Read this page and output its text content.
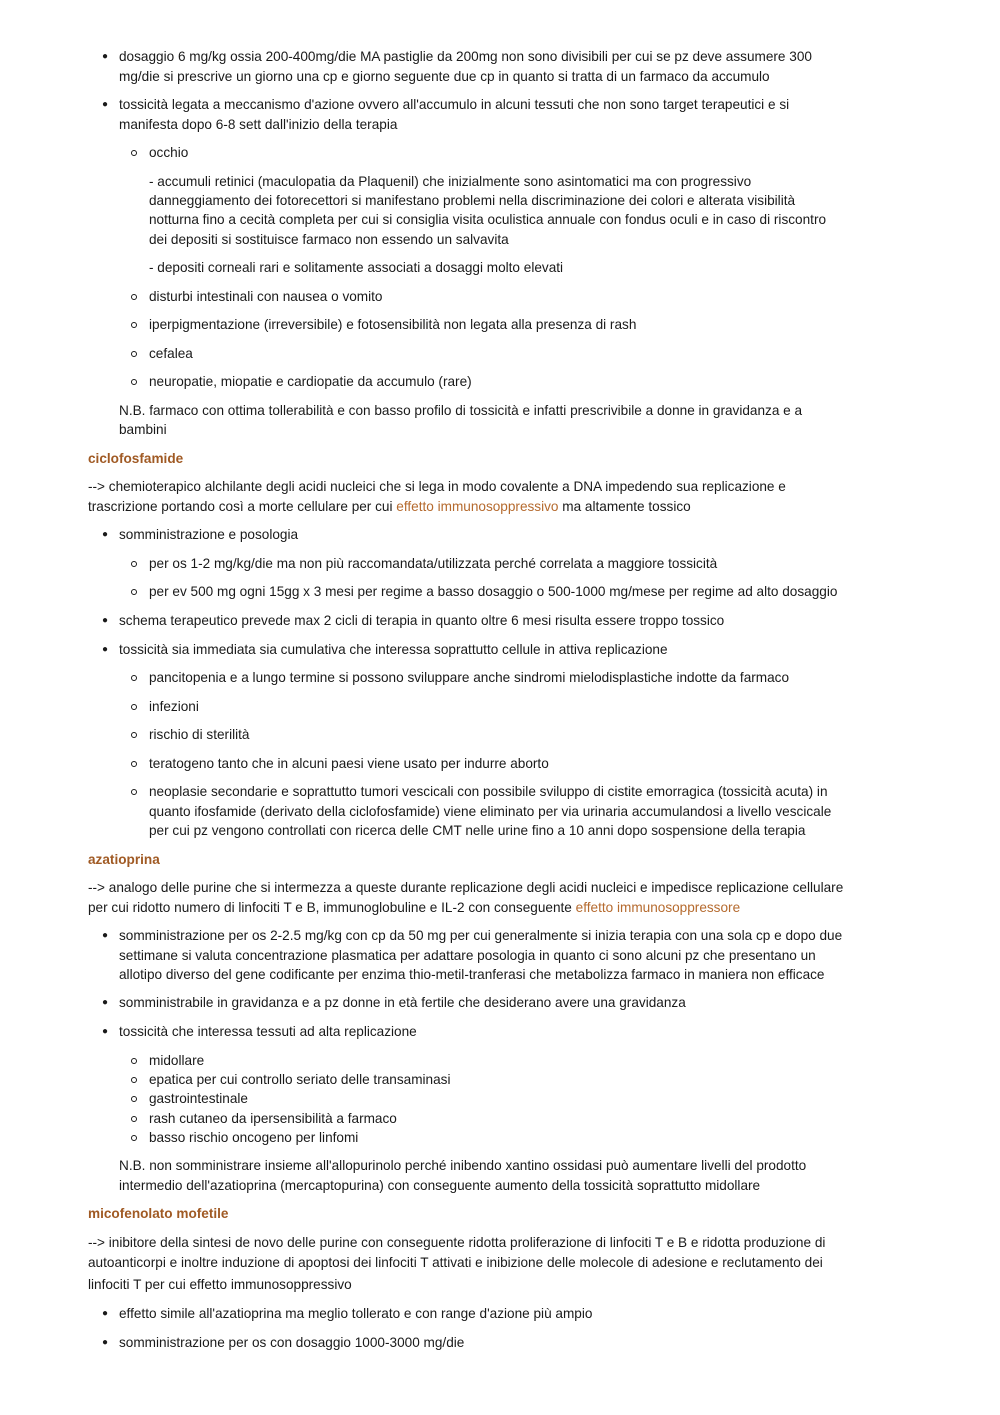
● dosaggio 6 mg/kg ossia 200-400mg/die MA pastiglie da 200mg non sono divisibili per cui se pz deve assumere 300
mg/die si prescrive un giorno una cp e giorno seguente due cp in quanto si tratta di un farmaco da accumulo
● tossicità legata a meccanismo d'azione ovvero all'accumulo in alcuni tessuti che non sono target terapeutici e si
manifesta dopo 6-8 sett dall'inizio della terapia
occhio
- accumuli retinici (maculopatia da Plaquenil) che inizialmente sono asintomatici ma con progressivo
danneggiamento dei fotorecettori si manifestano problemi nella discriminazione dei colori e alterata visibilità
notturna fino a cecità completa per cui si consiglia visita oculistica annuale con fondus oculi e in caso di riscontro
dei depositi si sostituisce farmaco non essendo un salvavita
- depositi corneali rari e solitamente associati a dosaggi molto elevati
disturbi intestinali con nausea o vomito
iperpigmentazione (irreversibile) e fotosensibilità non legata alla presenza di rash
cefalea
neuropatie, miopatie e cardiopatie da accumulo (rare)
N.B. farmaco con ottima tollerabilità e con basso profilo di tossicità e infatti prescrivibile a donne in gravidanza e a
bambini
ciclofosfamide
--> chemioterapico alchilante degli acidi nucleici che si lega in modo covalente a DNA impedendo sua replicazione e
trascrizione portando così a morte cellulare per cui effetto immunosoppressivo ma altamente tossico
● somministrazione e posologia
per os 1-2 mg/kg/die ma non più raccomandata/utilizzata perché correlata a maggiore tossicità
per ev 500 mg ogni 15gg x 3 mesi per regime a basso dosaggio o 500-1000 mg/mese per regime ad alto dosaggio
● schema terapeutico prevede max 2 cicli di terapia in quanto oltre 6 mesi risulta essere troppo tossico
● tossicità sia immediata sia cumulativa che interessa soprattutto cellule in attiva replicazione
pancitopenia e a lungo termine si possono sviluppare anche sindromi mielodisplastiche indotte da farmaco
infezioni
rischio di sterilità
teratogeno tanto che in alcuni paesi viene usato per indurre aborto
neoplasie secondarie e soprattutto tumori vescicali con possibile sviluppo di cistite emorragica (tossicità acuta) in
quanto ifosfamide (derivato della ciclofosfamide) viene eliminato per via urinaria accumulandosi a livello vescicale
per cui pz vengono controllati con ricerca delle CMT nelle urine fino a 10 anni dopo sospensione della terapia
azatioprina
--> analogo delle purine che si intermezza a queste durante replicazione degli acidi nucleici e impedisce replicazione cellulare
per cui ridotto numero di linfociti T e B, immunoglobuline e IL-2 con conseguente effetto immunosoppressore
● somministrazione per os 2-2.5 mg/kg con cp da 50 mg per cui generalmente si inizia terapia con una sola cp e dopo due
settimane si valuta concentrazione plasmatica per adattare posologia in quanto ci sono alcuni pz che presentano un
allotipo diverso del gene codificante per enzima thio-metil-tranferasi che metabolizza farmaco in maniera non efficace
● somministrabile in gravidanza e a pz donne in età fertile che desiderano avere una gravidanza
● tossicità che interessa tessuti ad alta replicazione
midollare
epatica per cui controllo seriato delle transaminasi
gastrointestinale
rash cutaneo da ipersensibilità a farmaco
basso rischio oncogeno per linfomi
N.B. non somministrare insieme all'allopurinolo perché inibendo xantino ossidasi può aumentare livelli del prodotto
intermedio dell'azatioprina (mercaptopurina) con conseguente aumento della tossicità soprattutto midollare
micofenolato mofetile
--> inibitore della sintesi de novo delle purine con conseguente ridotta proliferazione di linfociti T e B e ridotta produzione di
autoanticorpi e inoltre induzione di apoptosi dei linfociti T attivati e inibizione delle molecole di adesione e reclutamento dei
linfociti T per cui effetto immunosoppressivo
● effetto simile all'azatioprina ma meglio tollerato e con range d'azione più ampio
● somministrazione per os con dosaggio 1000-3000 mg/die
